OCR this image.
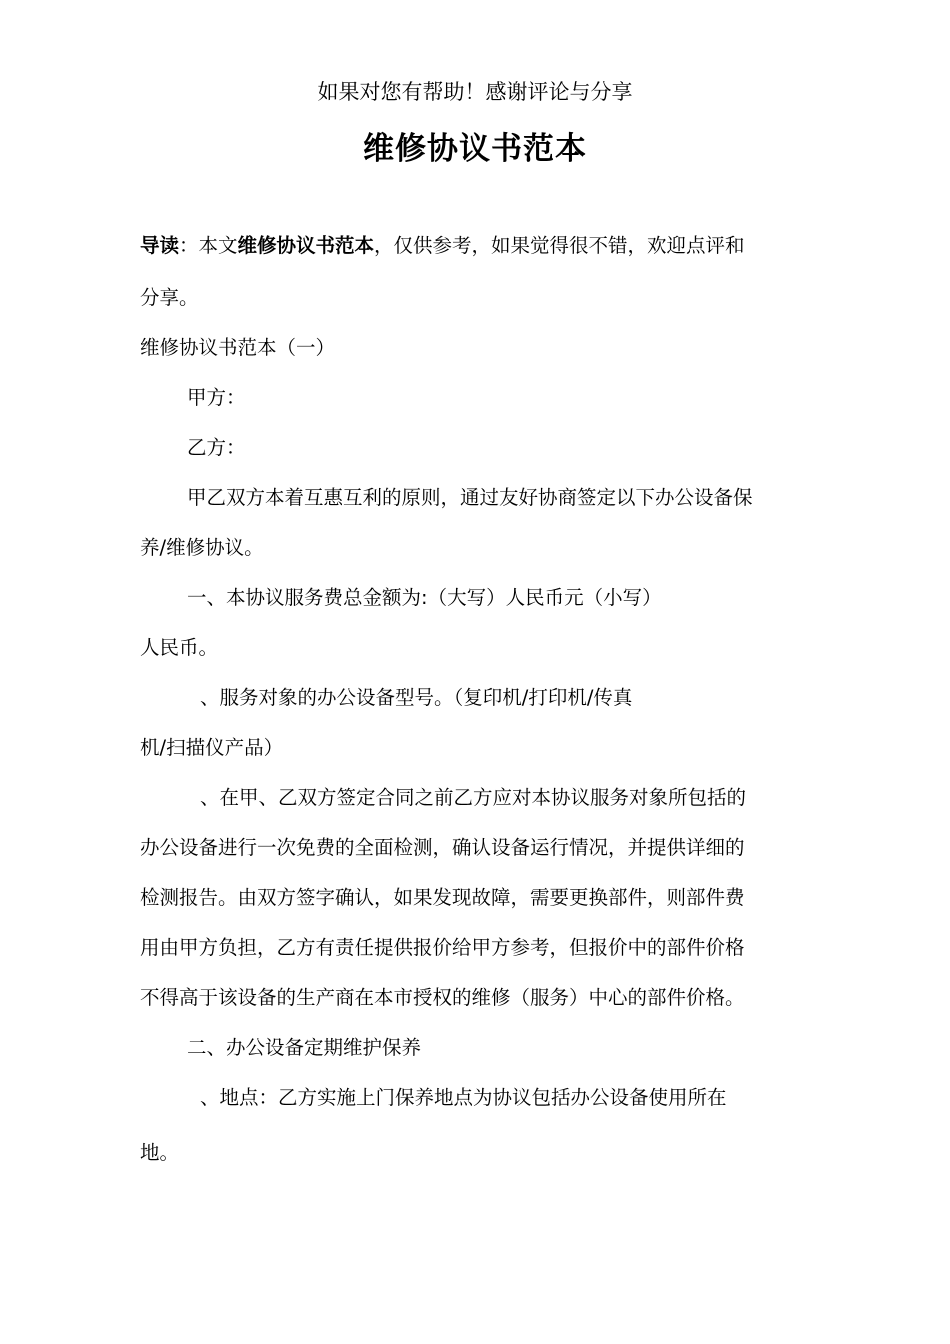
如果对您有帮助！感谢评论与分享
维修协议书范本
导读：本文维修协议书范本，仅供参考，如果觉得很不错，欢迎点评和
分享。
维修协议书范本（一）
甲方：
乙方：
甲乙双方本着互惠互利的原则，通过友好协商签定以下办公设备保
养/维修协议。
一、本协议服务费总金额为:（大写）人民币元（小写）
人民币。
、服务对象的办公设备型号。（复印机/打印机/传真
机/扫描仪产品）
、在甲、乙双方签定合同之前乙方应对本协议服务对象所包括的
办公设备进行一次免费的全面检测，确认设备运行情况，并提供详细的
检测报告。由双方签字确认，如果发现故障，需要更换部件，则部件费
用由甲方负担，乙方有责任提供报价给甲方参考，但报价中的部件价格
不得高于该设备的生产商在本市授权的维修（服务）中心的部件价格。
二、办公设备定期维护保养
、地点：乙方实施上门保养地点为协议包括办公设备使用所在
地。
